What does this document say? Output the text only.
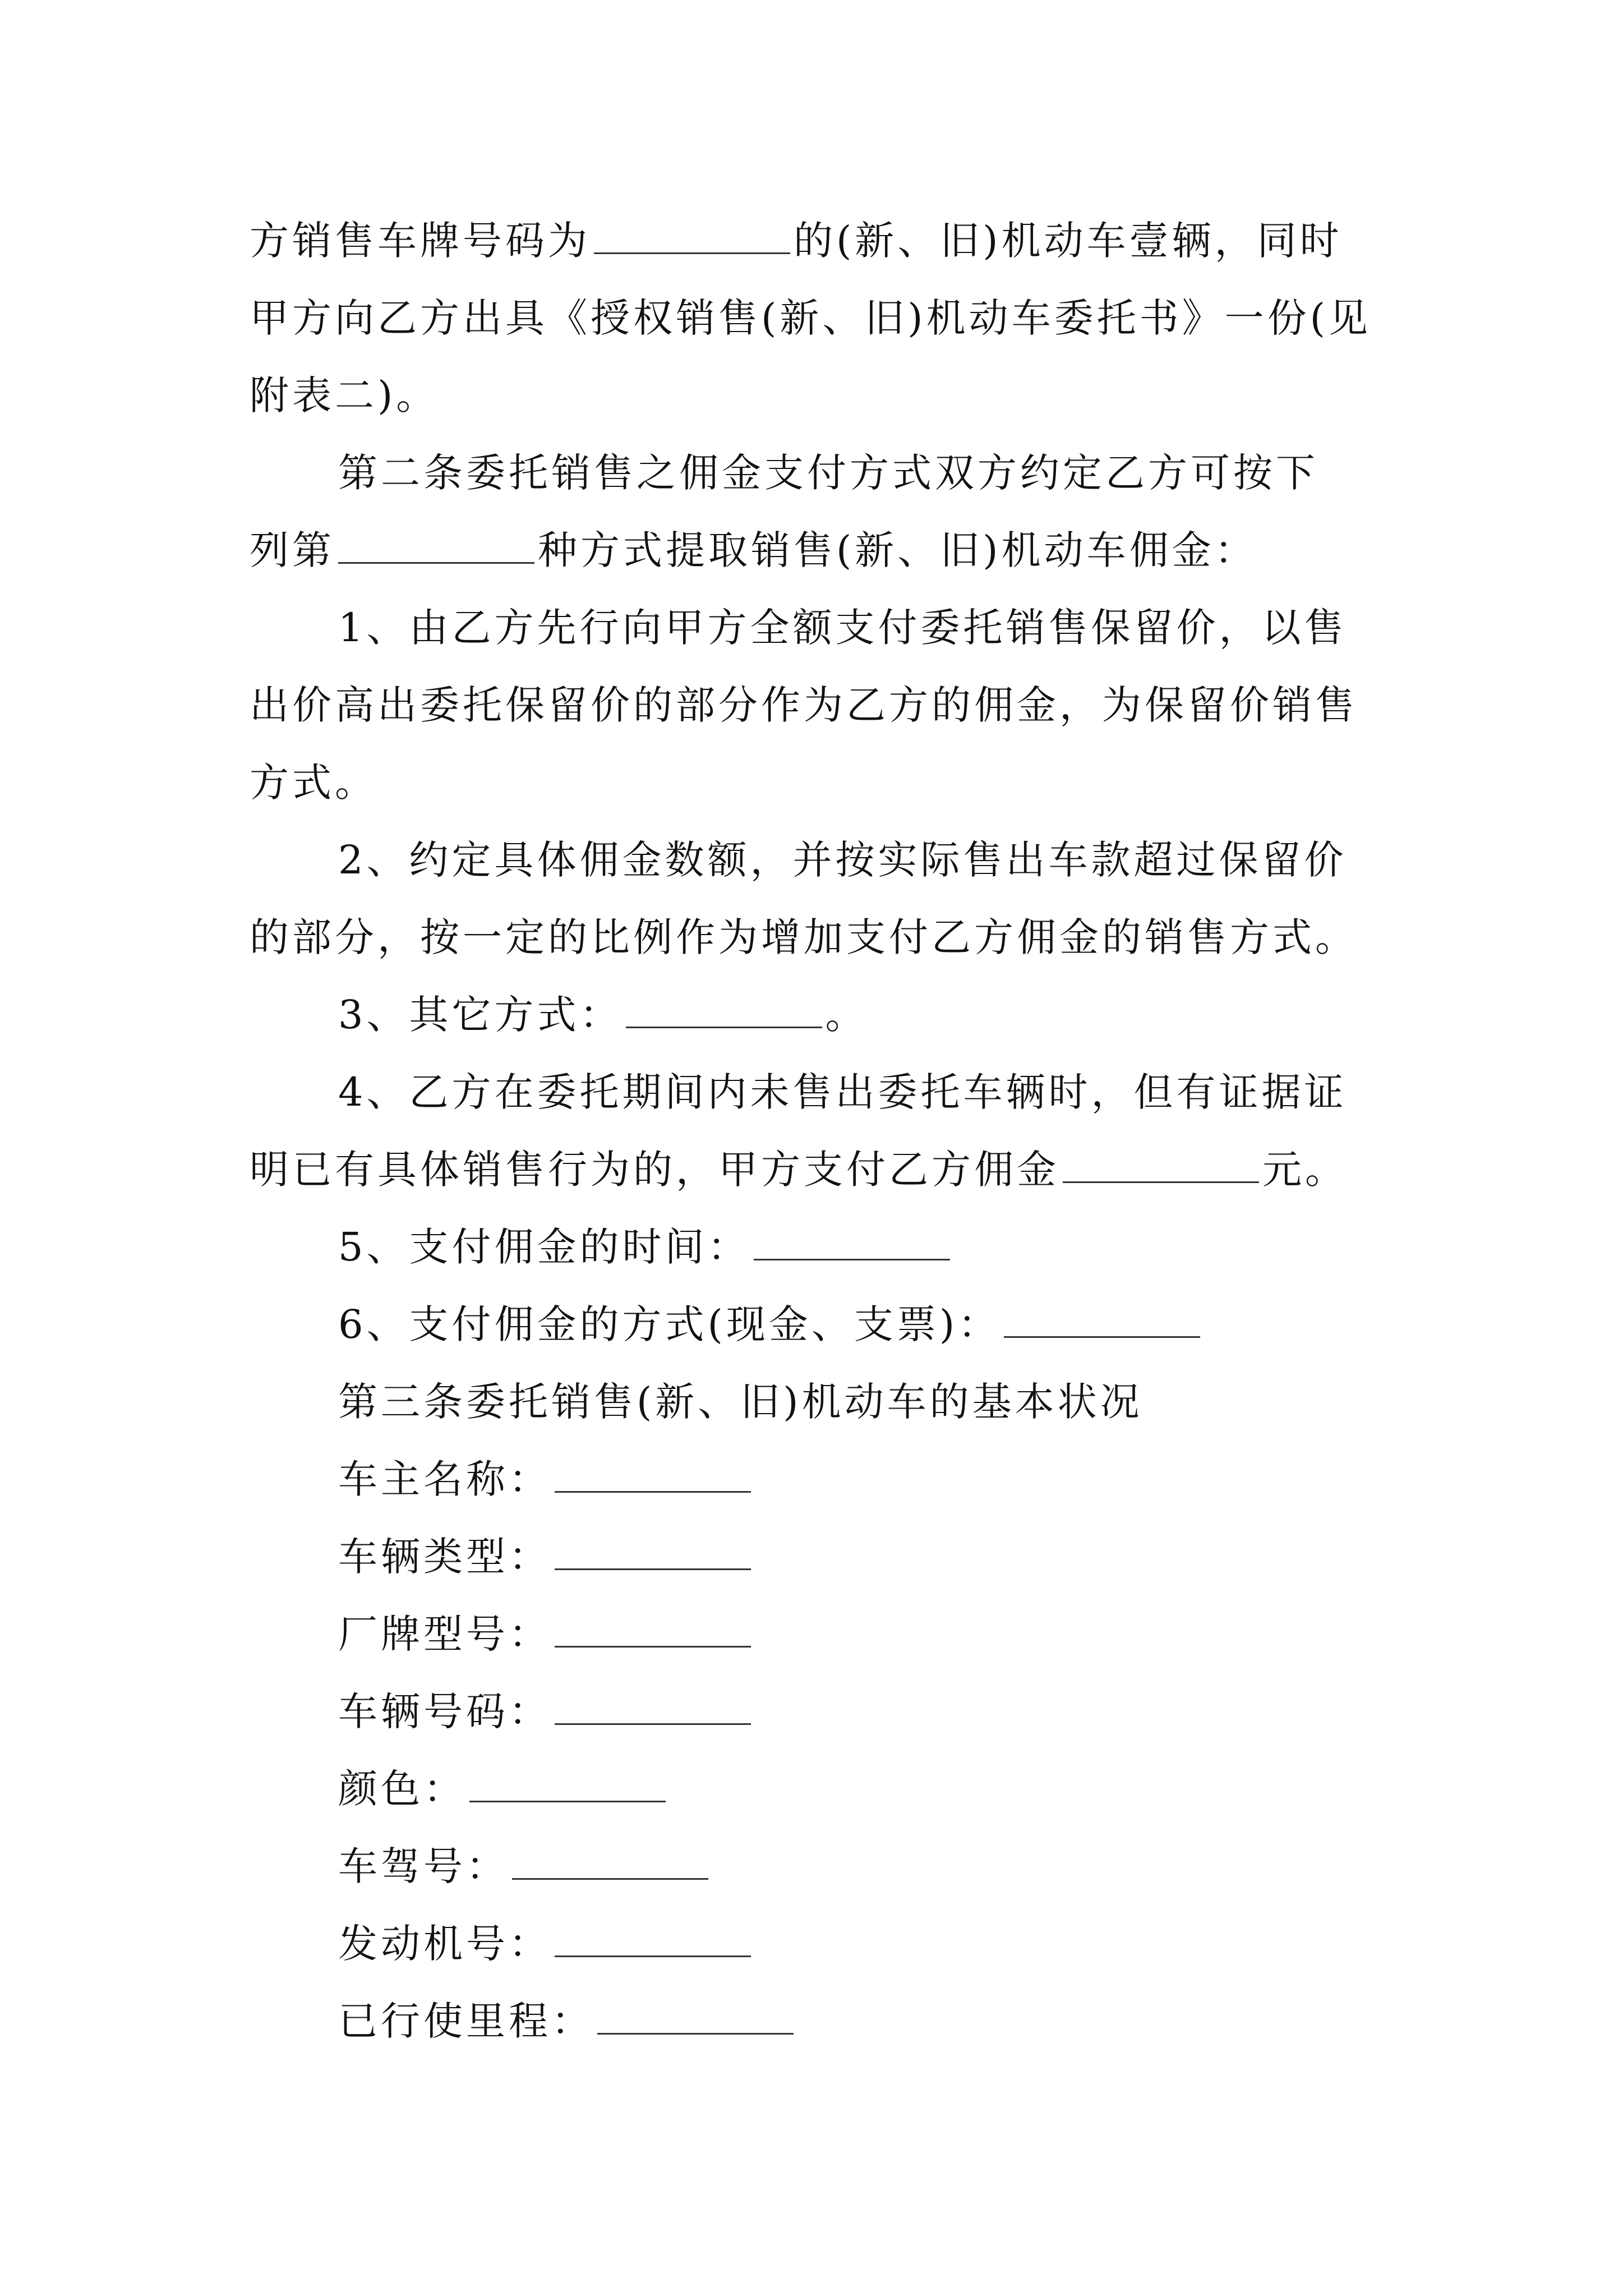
方销售车牌号码为	的(新、旧)机动车壹辆，同时
甲方向乙方出具《授权销售(新、旧)机动车委托书》一份(见
附表二)。
第二条委托销售之佣金支付方式双方约定乙方可按下
列第	种方式提取销售(新、旧)机动车佣金：
1、由乙方先行向甲方全额支付委托销售保留价，以售
出价高出委托保留价的部分作为乙方的佣金，为保留价销售
方式。
2、约定具体佣金数额，并按实际售出车款超过保留价
的部分，按一定的比例作为增加支付乙方佣金的销售方式。
3、其它方式：	。
4、乙方在委托期间内未售出委托车辆时，但有证据证
明已有具体销售行为的，甲方支付乙方佣金	元。
5、支付佣金的时间：
6、支付佣金的方式(现金、支票)：
第三条委托销售(新、旧)机动车的基本状况
车主名称：
车辆类型：
厂牌型号：
车辆号码：
颜色：
车驾号：
发动机号：
已行使里程：
